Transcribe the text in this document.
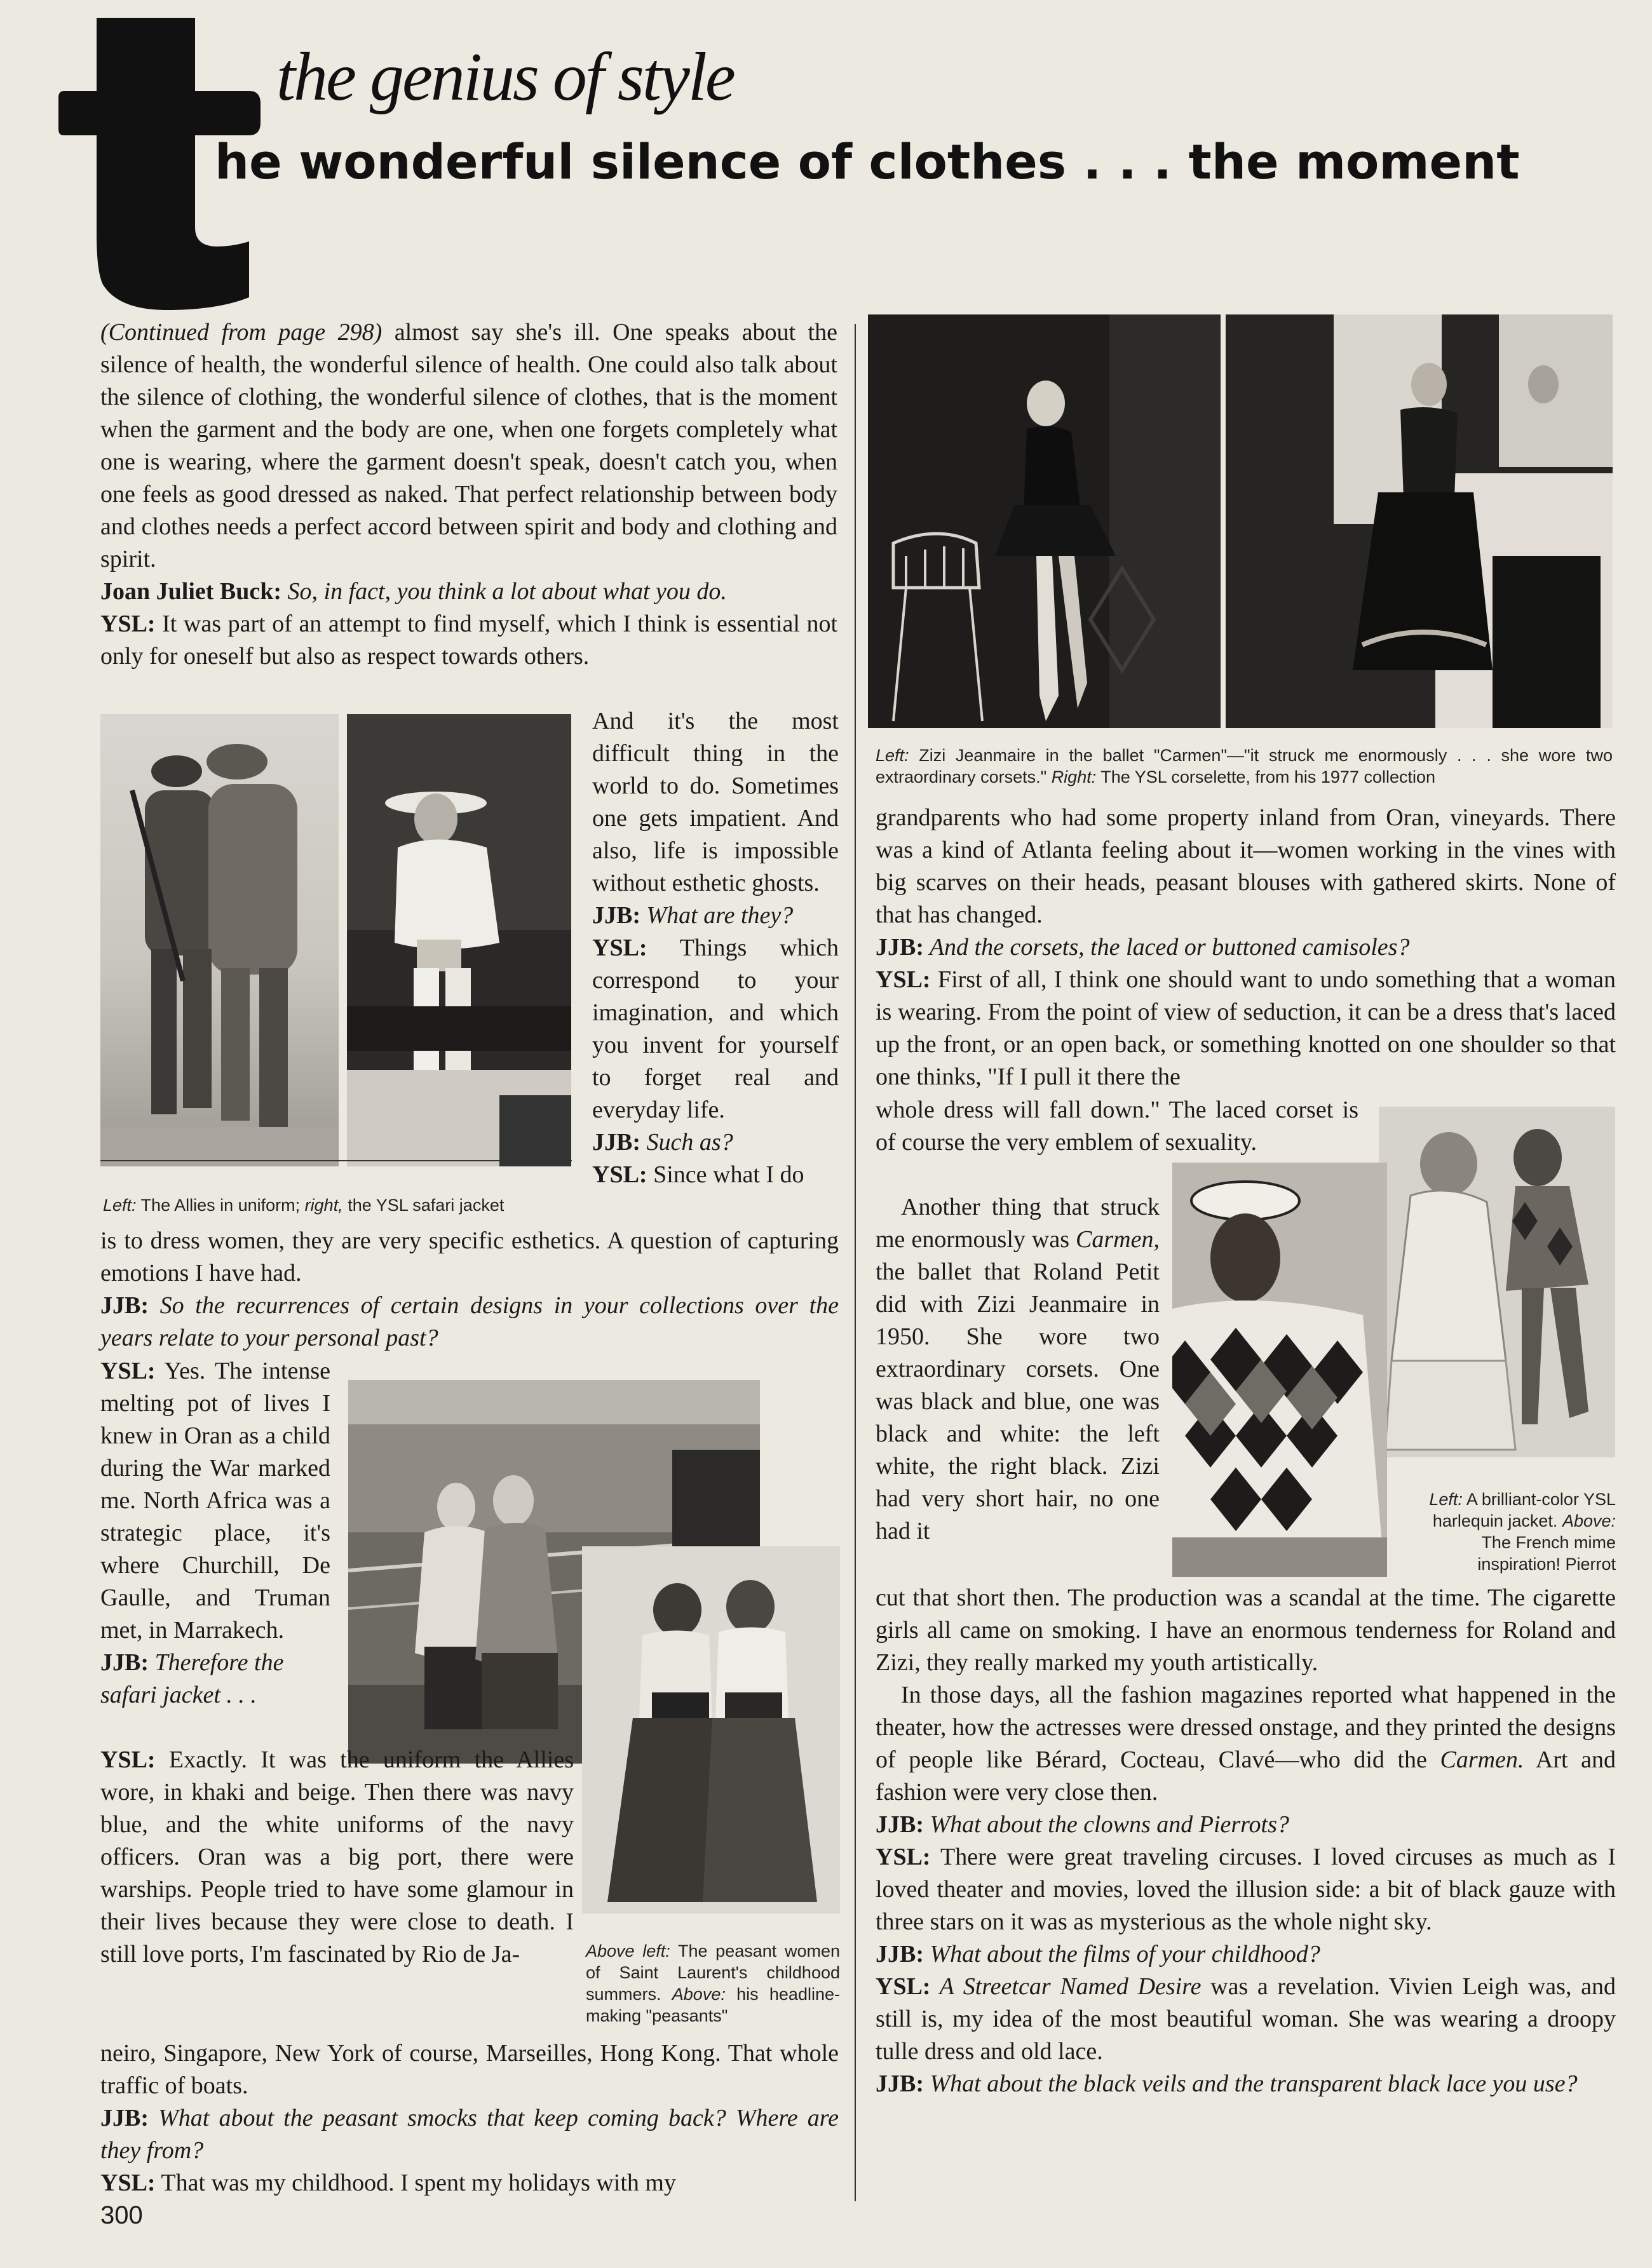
the genius of style
he wonderful silence of clothes . . . the moment

(Continued from page 298) almost say she's ill. One speaks about the silence of health, the wonderful silence of health. One could also talk about the silence of clothing, the wonderful silence of clothes, that is the moment when the garment and the body are one, when one forgets completely what one is wearing, where the garment doesn't speak, doesn't catch you, when one feels as good dressed as naked. That perfect relationship between body and clothes needs a perfect accord between spirit and body and clothing and spirit.

Joan Juliet Buck: So, in fact, you think a lot about what you do.

YSL: It was part of an attempt to find myself, which I think is essential not only for oneself but also as respect towards others.

Left: The Allies in uniform; right, the YSL safari jacket

And it's the most difficult thing in the world to do. Sometimes one gets impatient. And also, life is impossible without esthetic ghosts.

JJB: What are they?

YSL: Things which correspond to your imagination, and which you invent for yourself to forget real and everyday life.

JJB: Such as?

YSL: Since what I do

is to dress women, they are very specific esthetics. A question of capturing emotions I have had.

JJB: So the recurrences of certain designs in your collections over the years relate to your personal past?

YSL: Yes. The intense melting pot of lives I knew in Oran as a child during the War marked me. North Africa was a strategic place, it's where Churchill, De Gaulle, and Truman met, in Marrakech.

JJB: Therefore the safari jacket . . .

Above left: The peasant women of Saint Laurent's childhood summers. Above: his headline-making "peasants"

YSL: Exactly. It was the uniform the Allies wore, in khaki and beige. Then there was navy blue, and the white uniforms of the navy officers. Oran was a big port, there were warships. People tried to have some glamour in their lives because they were close to death. I still love ports, I'm fascinated by Rio de Ja-

neiro, Singapore, New York of course, Marseilles, Hong Kong. That whole traffic of boats.

JJB: What about the peasant smocks that keep coming back? Where are they from?

YSL: That was my childhood. I spent my holidays with my

Left: Zizi Jeanmaire in the ballet "Carmen"—"it struck me enormously . . . she wore two extraordinary corsets." Right: The YSL corselette, from his 1977 collection

grandparents who had some property inland from Oran, vineyards. There was a kind of Atlanta feeling about it—women working in the vines with big scarves on their heads, peasant blouses with gathered skirts. None of that has changed.

JJB: And the corsets, the laced or buttoned camisoles?

YSL: First of all, I think one should want to undo something that a woman is wearing. From the point of view of seduction, it can be a dress that's laced up the front, or an open back, or something knotted on one shoulder so that one thinks, "If I pull it there the

whole dress will fall down." The laced corset is of course the very emblem of sexuality.

Another thing that struck me enormously was Carmen, the ballet that Roland Petit did with Zizi Jeanmaire in 1950. She wore two extraordinary corsets. One was black and blue, one was black and white: the left white, the right black. Zizi had very short hair, no one had it

Left: A brilliant-color YSL harlequin jacket. Above: The French mime inspiration! Pierrot

cut that short then. The production was a scandal at the time. The cigarette girls all came on smoking. I have an enormous tenderness for Roland and Zizi, they really marked my youth artistically.

In those days, all the fashion magazines reported what happened in the theater, how the actresses were dressed onstage, and they printed the designs of people like Bérard, Cocteau, Clavé—who did the Carmen. Art and fashion were very close then.

JJB: What about the clowns and Pierrots?

YSL: There were great traveling circuses. I loved circuses as much as I loved theater and movies, loved the illusion side: a bit of black gauze with three stars on it was as mysterious as the whole night sky.

JJB: What about the films of your childhood?

YSL: A Streetcar Named Desire was a revelation. Vivien Leigh was, and still is, my idea of the most beautiful woman. She was wearing a droopy tulle dress and old lace.

JJB: What about the black veils and the transparent black lace you use?

300
